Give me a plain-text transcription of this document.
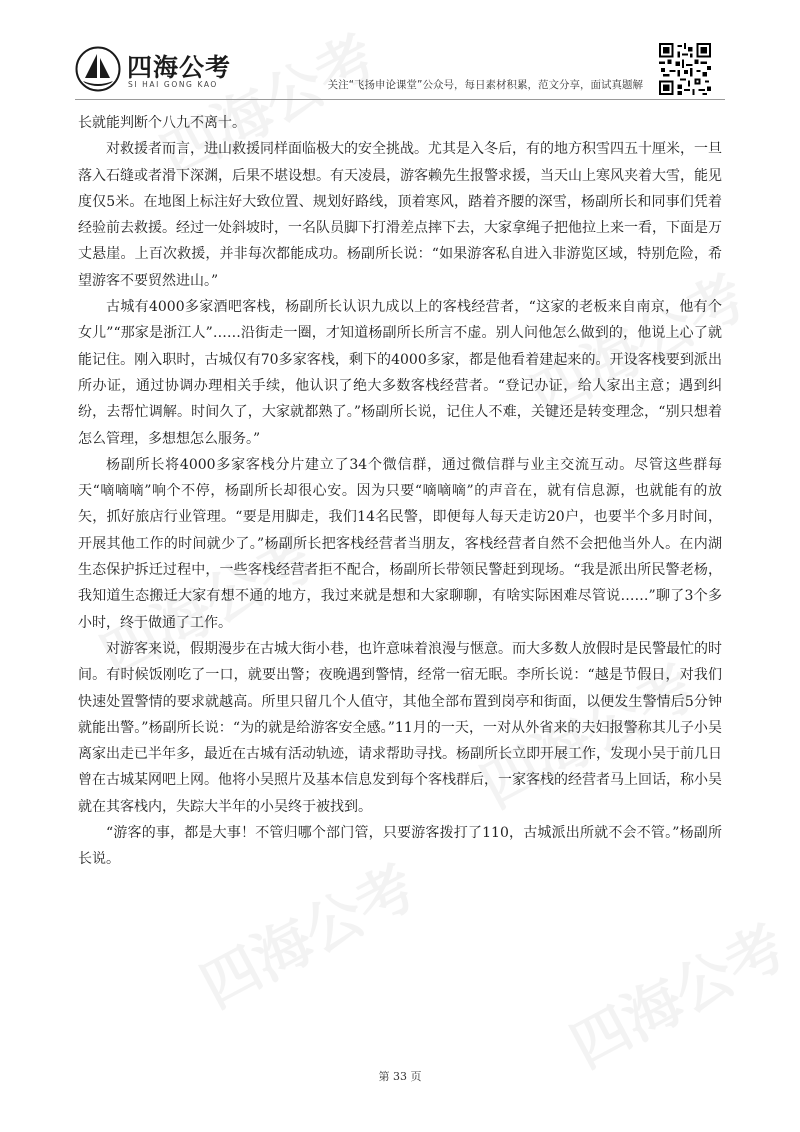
四海公考
SI HAI GONG KAO	关注“飞扬申论课堂”公众号，每日素材积累，范文分享，面试真题解

长就能判断个八九不离十。

对救援者而言，进山救援同样面临极大的安全挑战。尤其是入冬后，有的地方积雪四五十厘米，一旦落入石缝或者滑下深渊，后果不堪设想。有天凌晨，游客赖先生报警求援，当天山上寒风夹着大雪，能见度仅5米。在地图上标注好大致位置、规划好路线，顶着寒风，踏着齐腰的深雪，杨副所长和同事们凭着经验前去救援。经过一处斜坡时，一名队员脚下打滑差点摔下去，大家拿绳子把他拉上来一看，下面是万丈悬崖。上百次救援，并非每次都能成功。杨副所长说：“如果游客私自进入非游览区域，特别危险，希望游客不要贸然进山。”

古城有4000多家酒吧客栈，杨副所长认识九成以上的客栈经营者，“这家的老板来自南京，他有个女儿”“那家是浙江人”……沿街走一圈，才知道杨副所长所言不虚。别人问他怎么做到的，他说上心了就能记住。刚入职时，古城仅有70多家客栈，剩下的4000多家，都是他看着建起来的。开设客栈要到派出所办证，通过协调办理相关手续，他认识了绝大多数客栈经营者。“登记办证，给人家出主意；遇到纠纷，去帮忙调解。时间久了，大家就都熟了。”杨副所长说，记住人不难，关键还是转变理念，“别只想着怎么管理，多想想怎么服务。”

杨副所长将4000多家客栈分片建立了34个微信群，通过微信群与业主交流互动。尽管这些群每天“嘀嘀嘀”响个不停，杨副所长却很心安。因为只要“嘀嘀嘀”的声音在，就有信息源，也就能有的放矢，抓好旅店行业管理。“要是用脚走，我们14名民警，即便每人每天走访20户，也要半个多月时间，开展其他工作的时间就少了。”杨副所长把客栈经营者当朋友，客栈经营者自然不会把他当外人。在内湖生态保护拆迁过程中，一些客栈经营者拒不配合，杨副所长带领民警赶到现场。“我是派出所民警老杨，我知道生态搬迁大家有想不通的地方，我过来就是想和大家聊聊，有啥实际困难尽管说……”聊了3个多小时，终于做通了工作。

对游客来说，假期漫步在古城大街小巷，也许意味着浪漫与惬意。而大多数人放假时是民警最忙的时间。有时候饭刚吃了一口，就要出警；夜晚遇到警情，经常一宿无眠。李所长说：“越是节假日，对我们快速处置警情的要求就越高。所里只留几个人值守，其他全部布置到岗亭和街面，以便发生警情后5分钟就能出警。”杨副所长说：“为的就是给游客安全感。”11月的一天，一对从外省来的夫妇报警称其儿子小吴离家出走已半年多，最近在古城有活动轨迹，请求帮助寻找。杨副所长立即开展工作，发现小吴于前几日曾在古城某网吧上网。他将小吴照片及基本信息发到每个客栈群后，一家客栈的经营者马上回话，称小吴就在其客栈内，失踪大半年的小吴终于被找到。

“游客的事，都是大事！不管归哪个部门管，只要游客拨打了110，古城派出所就不会不管。”杨副所长说。

第 33 页
